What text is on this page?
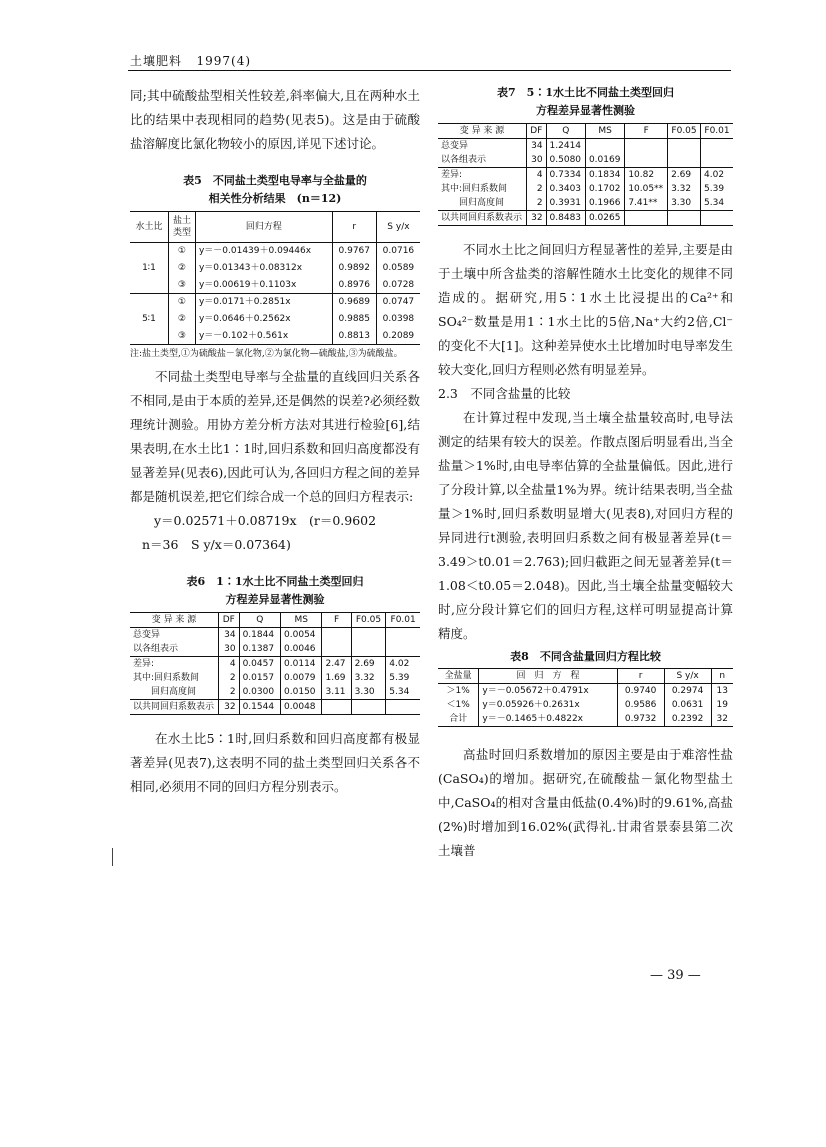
土壤肥料 1997(4)

同;其中硫酸盐型相关性较差,斜率偏大,且在两种水土比的结果中表现相同的趋势(见表5)。这是由于硫酸盐溶解度比氯化物较小的原因,详见下述讨论。

表5　不同盐土类型电导率与全盐量的

相关性分析结果　(n＝12)

水土比	盐土类型	回归方程	r	S y/x
1∶1	①	y＝－0.01439＋0.09446x	0.9767	0.0716
	②	y＝0.01343＋0.08312x	0.9892	0.0589
	③	y＝0.00619＋0.1103x	0.8976	0.0728
5∶1	①	y＝0.0171＋0.2851x	0.9689	0.0747
	②	y＝0.0646＋0.2562x	0.9885	0.0398
	③	y＝－0.102＋0.561x	0.8813	0.2089

注:盐土类型,①为硫酸盐－氯化物,②为氯化物—硫酸盐,③为硫酸盐。

不同盐土类型电导率与全盐量的直线回归关系各不相同,是由于本质的差异,还是偶然的误差?必须经数理统计测验。用协方差分析方法对其进行检验[6],结果表明,在水土比1∶1时,回归系数和回归高度都没有显著差异(见表6),因此可认为,各回归方程之间的差异都是随机误差,把它们综合成一个总的回归方程表示:

y＝0.02571＋0.08719x　(r＝0.9602

n＝36　S y/x＝0.07364)

表6　1∶1水土比不同盐土类型回归

方程差异显著性测验

变 异 来 源	DF	Q	MS	F	F0.05	F0.01
总变异	34	0.1844	0.0054			
以各组表示	30	0.1387	0.0046			
差异:	4	0.0457	0.0114	2.47	2.69	4.02
其中:回归系数间	2	0.0157	0.0079	1.69	3.32	5.39
　　回归高度间	2	0.0300	0.0150	3.11	3.30	5.34
以共同回归系数表示	32	0.1544	0.0048			

在水土比5∶1时,回归系数和回归高度都有极显著差异(见表7),这表明不同的盐土类型回归关系各不相同,必须用不同的回归方程分别表示。

表7　5∶1水土比不同盐土类型回归

方程差异显著性测验

变 异 来 源	DF	Q	MS	F	F0.05	F0.01
总变异	34	1.2414				
以各组表示	30	0.5080	0.0169			
差异:	4	0.7334	0.1834	10.82	2.69	4.02
其中:回归系数间	2	0.3403	0.1702	10.05**	3.32	5.39
　　回归高度间	2	0.3931	0.1966	7.41**	3.30	5.34
以共同回归系数表示	32	0.8483	0.0265			

不同水土比之间回归方程显著性的差异,主要是由于土壤中所含盐类的溶解性随水土比变化的规律不同造成的。据研究,用5∶1水土比浸提出的Ca²⁺和SO₄²⁻数量是用1∶1水土比的5倍,Na⁺大约2倍,Cl⁻的变化不大[1]。这种差异使水土比增加时电导率发生较大变化,回归方程则必然有明显差异。

2.3　不同含盐量的比较

在计算过程中发现,当土壤全盐量较高时,电导法测定的结果有较大的误差。作散点图后明显看出,当全盐量＞1%时,由电导率估算的全盐量偏低。因此,进行了分段计算,以全盐量1%为界。统计结果表明,当全盐量＞1%时,回归系数明显增大(见表8),对回归方程的异同进行t测验,表明回归系数之间有极显著差异(t＝3.49＞t0.01＝2.763);回归截距之间无显著差异(t＝1.08＜t0.05＝2.048)。因此,当土壤全盐量变幅较大时,应分段计算它们的回归方程,这样可明显提高计算精度。

表8　不同含盐量回归方程比较

全盐量	回　归　方　程	r	S y/x	n
＞1%	y＝－0.05672＋0.4791x	0.9740	0.2974	13
＜1%	y＝0.05926＋0.2631x	0.9586	0.0631	19
合计	y＝－0.1465＋0.4822x	0.9732	0.2392	32

高盐时回归系数增加的原因主要是由于难溶性盐(CaSO₄)的增加。据研究,在硫酸盐－氯化物型盐土中,CaSO₄的相对含量由低盐(0.4%)时的9.61%,高盐(2%)时增加到16.02%(武得礼.甘肃省景泰县第二次土壤普

— 39 —
